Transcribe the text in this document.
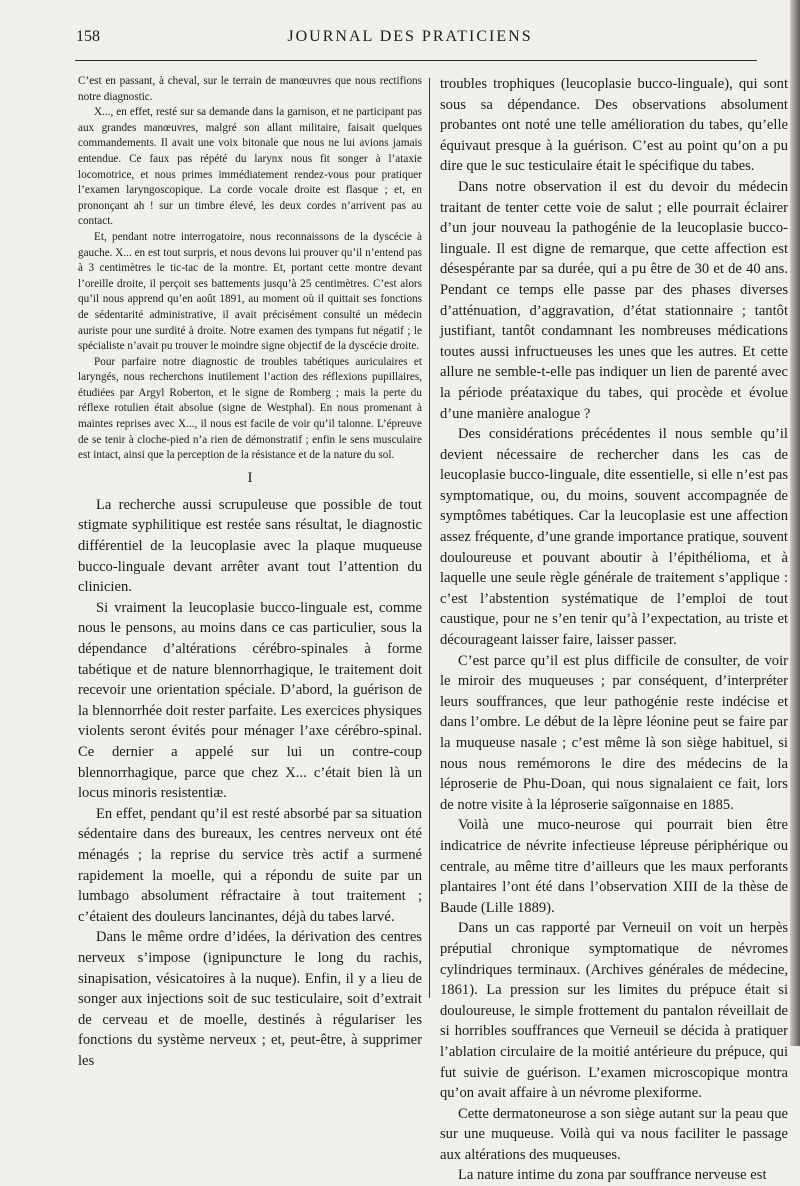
158	JOURNAL DES PRATICIENS

C’est en passant, à cheval, sur le terrain de manœuvres que nous rectifions notre diagnostic.

X..., en effet, resté sur sa demande dans la garnison, et ne participant pas aux grandes manœuvres, malgré son allant militaire, faisait quelques commandements. Il avait une voix bitonale que nous ne lui avions jamais entendue. Ce faux pas répété du larynx nous fit songer à l’ataxie locomotrice, et nous primes immédiatement rendez-vous pour pratiquer l’examen laryngoscopique. La corde vocale droite est flasque ; et, en prononçant ah ! sur un timbre élevé, les deux cordes n’arrivent pas au contact.

Et, pendant notre interrogatoire, nous reconnaissons de la dyscécie à gauche. X... en est tout surpris, et nous devons lui prouver qu’il n’entend pas à 3 centimètres le tic-tac de la montre. Et, portant cette montre devant l’oreille droite, il perçoit ses battements jusqu’à 25 centimètres. C’est alors qu’il nous apprend qu’en août 1891, au moment où il quittait ses fonctions de sédentarité administrative, il avait précisément consulté un médecin auriste pour une surdité à droite. Notre examen des tympans fut négatif ; le spécialiste n’avait pu trouver le moindre signe objectif de la dyscécie droite.

Pour parfaire notre diagnostic de troubles tabétiques auriculaires et laryngés, nous recherchons inutilement l’action des réflexions pupillaires, étudiées par Argyl Roberton, et le signe de Romberg ; mais la perte du réflexe rotulien était absolue (signe de Westphal). En nous promenant à maintes reprises avec X..., il nous est facile de voir qu’il talonne. L’épreuve de se tenir à cloche-pied n’a rien de démonstratif ; enfin le sens musculaire est intact, ainsi que la perception de la résistance et de la nature du sol.

I

La recherche aussi scrupuleuse que possible de tout stigmate syphilitique est restée sans résultat, le diagnostic différentiel de la leucoplasie avec la plaque muqueuse bucco-linguale devant arrêter avant tout l’attention du clinicien.

Si vraiment la leucoplasie bucco-linguale est, comme nous le pensons, au moins dans ce cas particulier, sous la dépendance d’altérations cérébro-spinales à forme tabétique et de nature blennorrhagique, le traitement doit recevoir une orientation spéciale. D’abord, la guérison de la blennorrhée doit rester parfaite. Les exercices physiques violents seront évités pour ménager l’axe cérébro-spinal. Ce dernier a appelé sur lui un contre-coup blennorrhagique, parce que chez X... c’était bien là un locus minoris resistentiæ.

En effet, pendant qu’il est resté absorbé par sa situation sédentaire dans des bureaux, les centres nerveux ont été ménagés ; la reprise du service très actif a surmené rapidement la moelle, qui a répondu de suite par un lumbago absolument réfractaire à tout traitement ; c’étaient des douleurs lancinantes, déjà du tabes larvé.

Dans le même ordre d’idées, la dérivation des centres nerveux s’impose (ignipuncture le long du rachis, sinapisation, vésicatoires à la nuque). Enfin, il y a lieu de songer aux injections soit de suc testiculaire, soit d’extrait de cerveau et de moelle, destinés à régulariser les fonctions du système nerveux ; et, peut-être, à supprimer les

troubles trophiques (leucoplasie bucco-linguale), qui sont sous sa dépendance. Des observations absolument probantes ont noté une telle amélioration du tabes, qu’elle équivaut presque à la guérison. C’est au point qu’on a pu dire que le suc testiculaire était le spécifique du tabes.

Dans notre observation il est du devoir du médecin traitant de tenter cette voie de salut ; elle pourrait éclairer d’un jour nouveau la pathogénie de la leucoplasie bucco-linguale. Il est digne de remarque, que cette affection est désespérante par sa durée, qui a pu être de 30 et de 40 ans. Pendant ce temps elle passe par des phases diverses d’atténuation, d’aggravation, d’état stationnaire ; tantôt justifiant, tantôt condamnant les nombreuses médications toutes aussi infructueuses les unes que les autres. Et cette allure ne semble-t-elle pas indiquer un lien de parenté avec la période préataxique du tabes, qui procède et évolue d’une manière analogue ?

Des considérations précédentes il nous semble qu’il devient nécessaire de rechercher dans les cas de leucoplasie bucco-linguale, dite essentielle, si elle n’est pas symptomatique, ou, du moins, souvent accompagnée de symptômes tabétiques. Car la leucoplasie est une affection assez fréquente, d’une grande importance pratique, souvent douloureuse et pouvant aboutir à l’épithélioma, et à laquelle une seule règle générale de traitement s’applique : c’est l’abstention systématique de l’emploi de tout caustique, pour ne s’en tenir qu’à l’expectation, au triste et décourageant laisser faire, laisser passer.

C’est parce qu’il est plus difficile de consulter, de voir le miroir des muqueuses ; par conséquent, d’interpréter leurs souffrances, que leur pathogénie reste indécise et dans l’ombre. Le début de la lèpre léonine peut se faire par la muqueuse nasale ; c’est même là son siège habituel, si nous nous remémorons le dire des médecins de la léproserie de Phu-Doan, qui nous signalaient ce fait, lors de notre visite à la léproserie saïgonnaise en 1885.

Voilà une muco-neurose qui pourrait bien être indicatrice de névrite infectieuse lépreuse périphérique ou centrale, au même titre d’ailleurs que les maux perforants plantaires l’ont été dans l’observation XIII de la thèse de Baude (Lille 1889).

Dans un cas rapporté par Verneuil on voit un herpès préputial chronique symptomatique de névromes cylindriques terminaux. (Archives générales de médecine, 1861). La pression sur les limites du prépuce était si douloureuse, le simple frottement du pantalon réveillait de si horribles souffrances que Verneuil se décida à pratiquer l’ablation circulaire de la moitié antérieure du prépuce, qui fut suivie de guérison. L’examen microscopique montra qu’on avait affaire à un névrome plexiforme.

Cette dermatoneurose a son siège autant sur la peau que sur une muqueuse. Voilà qui va nous faciliter le passage aux altérations des muqueuses.

La nature intime du zona par souffrance nerveuse est
